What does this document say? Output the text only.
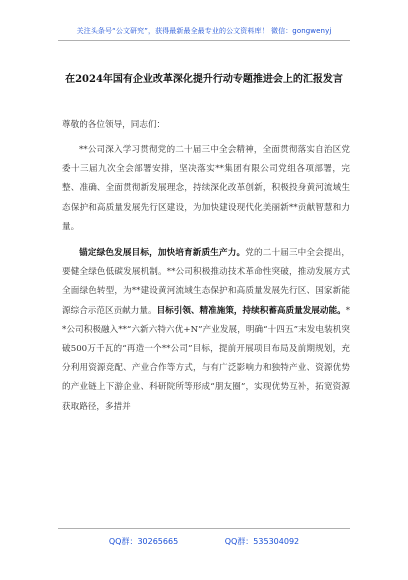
关注头条号“公文研究”，获得最新最全最专业的公文资料库！ 微信：gongwenyj
在2024年国有企业改革深化提升行动专题推进会上的汇报发言

尊敬的各位领导，同志们：

**公司深入学习贯彻党的二十届三中全会精神，全面贯彻落实自治区党委十三届九次全会部署安排，坚决落实**集团有限公司党组各项部署，完整、准确、全面贯彻新发展理念，持续深化改革创新，积极投身黄河流域生态保护和高质量发展先行区建设，为加快建设现代化美丽新**贡献智慧和力量。

锚定绿色发展目标，加快培育新质生产力。党的二十届三中全会提出，要健全绿色低碳发展机制。**公司积极推动技术革命性突破，推动发展方式全面绿色转型，为**建设黄河流域生态保护和高质量发展先行区、国家新能源综合示范区贡献力量。目标引领、精准施策，持续积蓄高质量发展动能。**公司积极融入**“六新六特六优+N”产业发展，明确“十四五”末发电装机突破500万千瓦的“再造一个**公司”目标，提前开展项目布局及前期规划，充分利用资源竞配、产业合作等方式，与有广泛影响力和独特产业、资源优势的产业链上下游企业、科研院所等形成“朋友圈”，实现优势互补，拓宽资源获取路径，多措并

QQ群：30265665	QQ群：535304092
